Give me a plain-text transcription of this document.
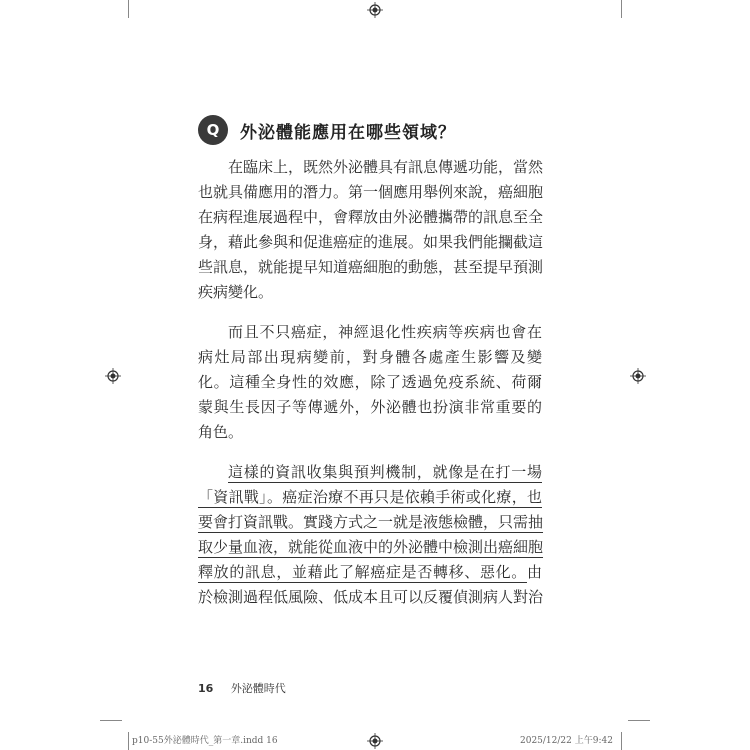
Q	外泌體能應用在哪些領域？
在臨床上，既然外泌體具有訊息傳遞功能，當然
也就具備應用的潛力。第一個應用舉例來說，癌細胞
在病程進展過程中，會釋放由外泌體攜帶的訊息至全
身，藉此參與和促進癌症的進展。如果我們能攔截這
些訊息，就能提早知道癌細胞的動態，甚至提早預測
疾病變化。
而且不只癌症，神經退化性疾病等疾病也會在
病灶局部出現病變前，對身體各處產生影響及變
化。這種全身性的效應，除了透過免疫系統、荷爾
蒙與生長因子等傳遞外，外泌體也扮演非常重要的
角色。
這樣的資訊收集與預判機制，就像是在打一場
「資訊戰」。癌症治療不再只是依賴手術或化療，也
要會打資訊戰。實踐方式之一就是液態檢體，只需抽
取少量血液，就能從血液中的外泌體中檢測出癌細胞
釋放的訊息，並藉此了解癌症是否轉移、惡化。由
於檢測過程低風險、低成本且可以反覆偵測病人對治
16 外泌體時代
p10-55外泌體時代_第一章.indd 16	2025/12/22 上午9:42
